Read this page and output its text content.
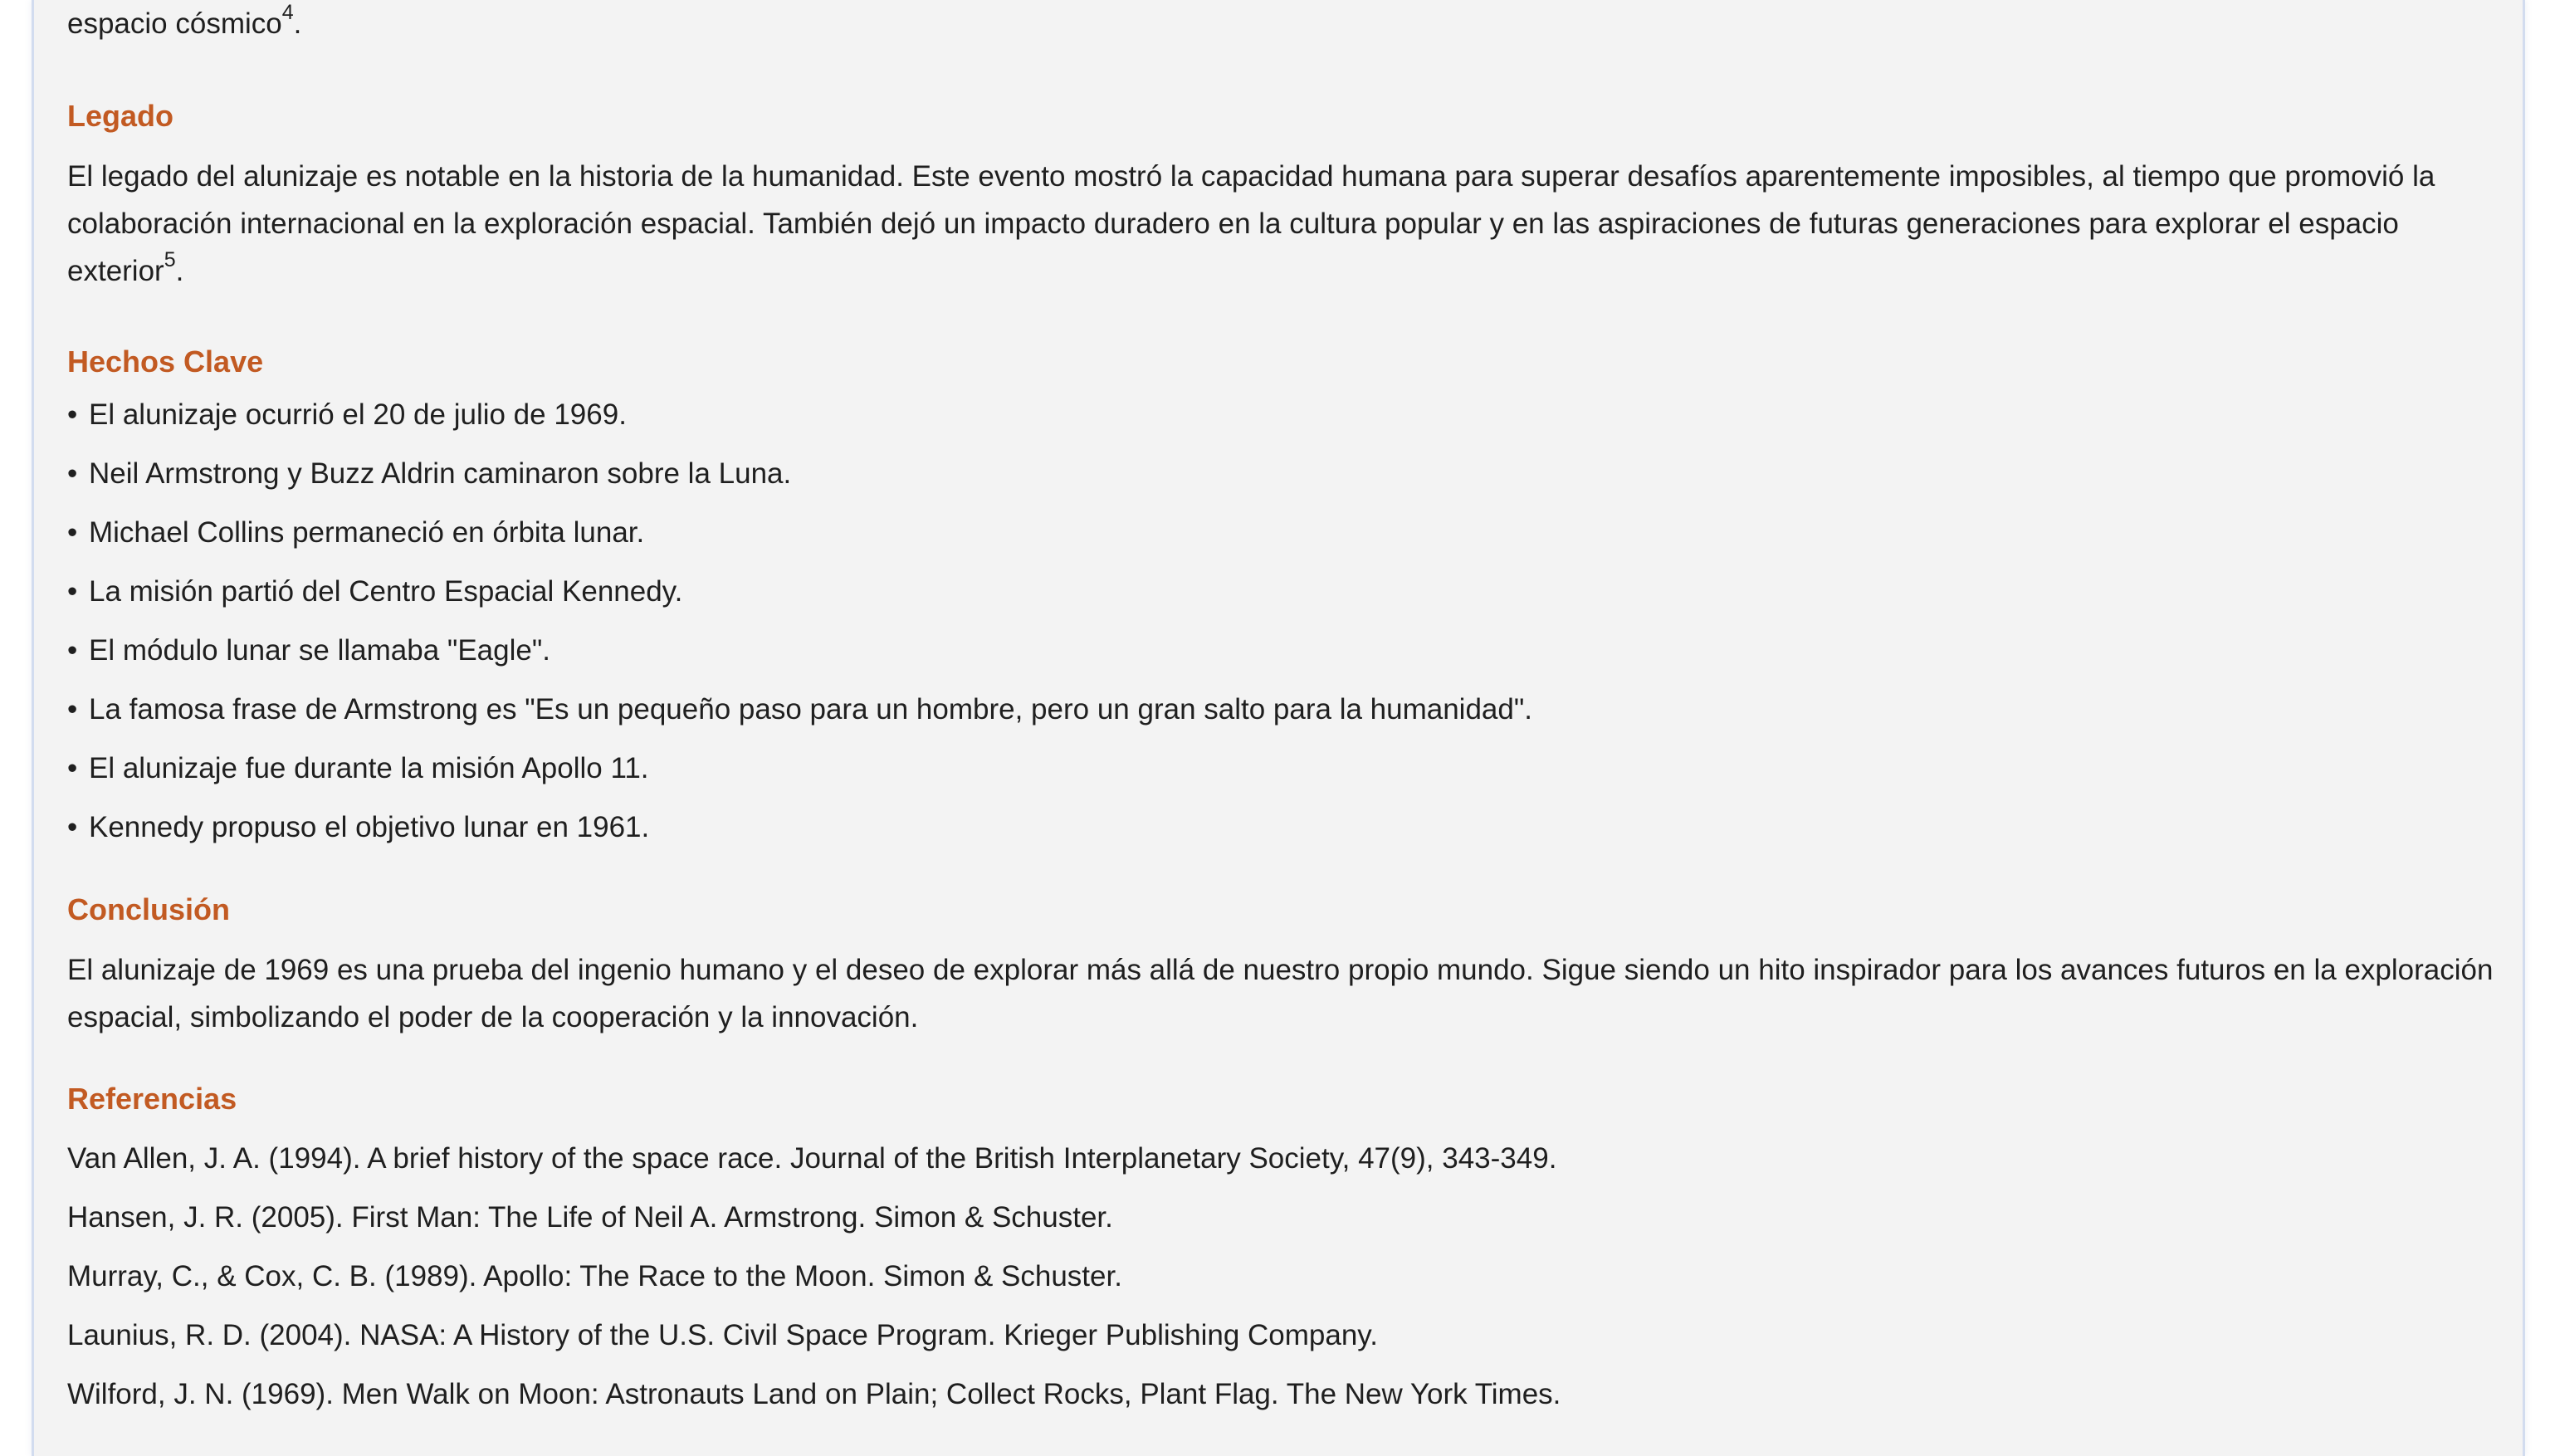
espacio cósmico$^4$.

Legado

El legado del alunizaje es notable en la historia de la humanidad. Este evento mostró la capacidad humana para superar desafíos aparentemente imposibles, al tiempo que promovió la colaboración internacional en la exploración espacial. También dejó un impacto duradero en la cultura popular y en las aspiraciones de futuras generaciones para explorar el espacio exterior$^5$.

Hechos Clave

• El alunizaje ocurrió el 20 de julio de 1969.

• Neil Armstrong y Buzz Aldrin caminaron sobre la Luna.

• Michael Collins permaneció en órbita lunar.

• La misión partió del Centro Espacial Kennedy.

• El módulo lunar se llamaba "Eagle".

• La famosa frase de Armstrong es "Es un pequeño paso para un hombre, pero un gran salto para la humanidad".

• El alunizaje fue durante la misión Apollo 11.

• Kennedy propuso el objetivo lunar en 1961.

Conclusión

El alunizaje de 1969 es una prueba del ingenio humano y el deseo de explorar más allá de nuestro propio mundo. Sigue siendo un hito inspirador para los avances futuros en la exploración espacial, simbolizando el poder de la cooperación y la innovación.

Referencias

Van Allen, J. A. (1994). A brief history of the space race. Journal of the British Interplanetary Society, 47(9), 343-349.

Hansen, J. R. (2005). First Man: The Life of Neil A. Armstrong. Simon & Schuster.

Murray, C., & Cox, C. B. (1989). Apollo: The Race to the Moon. Simon & Schuster.

Launius, R. D. (2004). NASA: A History of the U.S. Civil Space Program. Krieger Publishing Company.

Wilford, J. N. (1969). Men Walk on Moon: Astronauts Land on Plain; Collect Rocks, Plant Flag. The New York Times.
